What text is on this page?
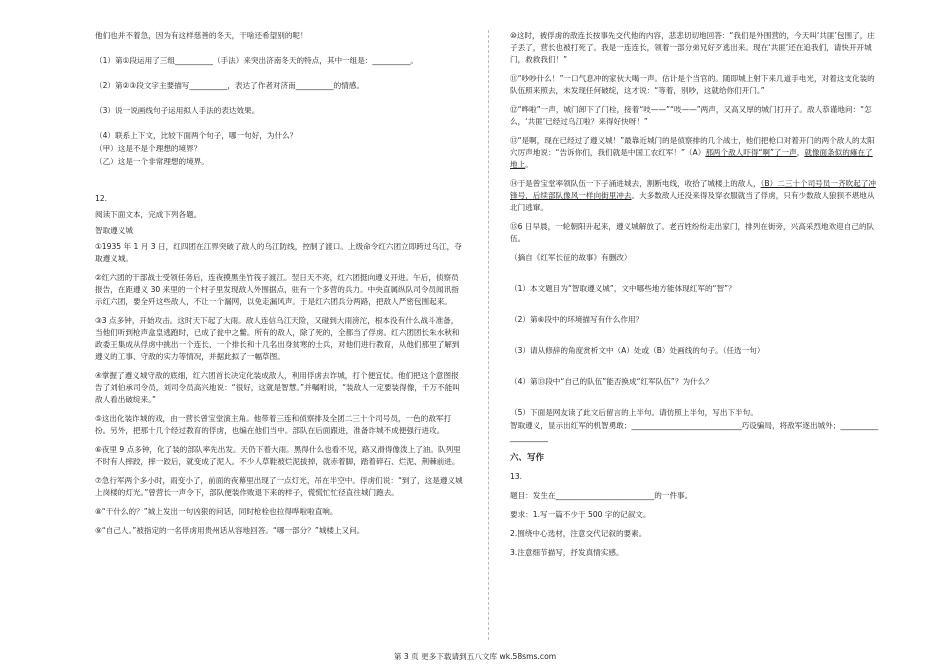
他们也并不着急，因为有这样慈善的冬天，干啥还希望别的呢！

（1）第①段运用了三组__________（手法）来突出济南冬天的特点，其中一组是：__________。

（2）第②③段文字主要描写__________，表达了作者对济南__________的情感。

（3）说一说画线句子运用拟人手法的表达效果。

（4）联系上下文，比较下面两个句子，哪一句好，为什么？

（甲）这是不是个理想的境界？

（乙）这是一个非常理想的境界。

12.

阅读下面文本，完成下列各题。

智取遵义城

①1935 年 1 月 3 日，红四团在江界突破了敌人的乌江防线，控制了渡口。上级命令红六团立即跨过乌江，夺取遵义城。

②红六团的干部战士受领任务后，连夜摸黑坐竹筏子渡江。翌日天不亮，红六团挺向遵义开进。午后，侦察员报告，在距遵义 30 来里的一个村子里发现敌人外围据点，驻有一个多营的兵力。中央直属纵队司令员闻讯指示红六团，要全歼这些敌人，不让一个漏网，以免走漏风声。于是红六团兵分两路，把敌人严密包围起来。

③3 点多钟，开始攻击。这时天下起了大雨。敌人连信乌江天险，又碰到大雨滂沱，根本没有什么战斗准备，当他们听到枪声盒皇逃跑时，已成了瓮中之鳖。所有的敌人，除了死的，全都当了俘虏。红六团团长朱水秋和政委王集成从俘虏中挑出一个连长、一个排长和十几名出身贫寒的士兵，对他们进行教育，从他们那里了解到遵义的工事、守敌的实力等情况，并据此拟了一幅草图。

④掌握了遵义城守敌的底细，红六团首长决定化装成敌人，利用俘虏去诈城，打个便宜仗。他们把这个意图报告了刘伯承司令员，刘司令员高兴地说：“很好，这就是智慧。”并嘱咐说，“装敌人一定要装得像，千万不能叫敌人看出破绽来。”

⑤这出化装诈城的戏，由一营长曾宝堂演主角。他带着三连和侦察排及全团二三十个司号员，一色的敌军打扮。另外，把那十几个经过教育的俘虏，也编在他们当中。部队在后面跟进，准备诈城不成便强行进攻。

⑥夜里 9 点多钟，化了装的部队率先出发。天仍下着大雨。黑得什么也看不见，路又滑得像泼上了油。队列里不时有人摔跤，摔一跤后，就变成了泥人。不少人草鞋被烂泥拔掉，就赤着脚，踏着碎石、烂泥、荆棘前进。

⑦急行军两个多小时，雨变小了，前面的夜幕里出现了一点灯光，吊在半空中。俘虏们说：“到了，这是遵义城上岗楼的灯光。”曾营长一声令下，部队便装作败退下来的样子，慌慌忙忙径直往城门跑去。

⑧“干什么的？”城上发出一句凶狠的问话，同时枪栓也拉得哗啦啦直响。

⑨“自己人。”被指定的一名俘虏用贵州话从容地回答。“哪一部分？”城楼上又问。

⑩这时，被俘虏的敌连长按事先交代他的内容，悲悲切切地回答：“我们是外围营的，今天叫‘共匪’包围了，庄子丢了，营长也被打死了。我是一连连长，领着一部分弟兄好歹逃出来。现在‘共匪’还在追我们，请快开开城门，救救我们！”

⑪“吵吵什么！”一口气息冲的家伙大喝一声。估计是个当官的。随即城上射下来几道手电光，对着这支化装的队伍照来照去，未发现任何破绽，这才说：“等着，别吵，这就给你们开门。”

⑫“哗啦”一声，城门卸下了门栓，接着“吱——”“吱——”两声，又高又厚的城门打开了。敌人恭谨地问：“怎么，‘共匪’已经过乌江啦？来得好快呀！”

⑬“是啊，现在已经过了遵义城！”最靠近城门的是侦察排的几个战士，他们把枪口对着开门的两个敌人的太阳穴厉声地说：“告诉你们，我们就是中国工农红军！”（A）那两个敌人吓得“啊”了一声，就像面条似的瘫在了地上。

⑭于是曾宝堂率领队伍一下子涌进城去，割断电线，收拾了城楼上的敌人，（B）二三十个司号员一齐吹起了冲锋号，后续部队像风一样向街里冲去。大多数敌人还没来得及穿衣服就当了俘虏，只有少数敌人狼狈不堪地从北门逃窜。

⑮6 日早晨，一轮朝阳升起来，遵义城解放了。老百姓纷纷走出家门，排列在街旁，兴高采烈地欢迎自己的队伍。

（摘自《红军长征的故事》有删改）

（1）本文题目为“智取遵义城”，文中哪些地方能体现红军的“智”？

（2）第⑥段中的环境描写有什么作用？

（3）请从修辞的角度赏析文中（A）处或（B）处画线的句子。（任选一句）

（4）第⑬段中“自己的队伍”能否换成“红军队伍”？为什么？

（5）下面是网友读了此文后留言的上半句。请仿照上半句，写出下半句。

智取遵义，显示出红军的机智勇敢；_____________________________巧设骗局，将敌军逐出城外；____________________

六、写作

13.

题目：发生在__________________________的一件事。

要求：1.写一篇不少于 500 字的记叙文。

2.围绕中心选材，注意交代记叙的要素。

3.注意细节描写，抒发真情实感。

第 3 页 更多下载请到五八文库 wk.58sms.com
